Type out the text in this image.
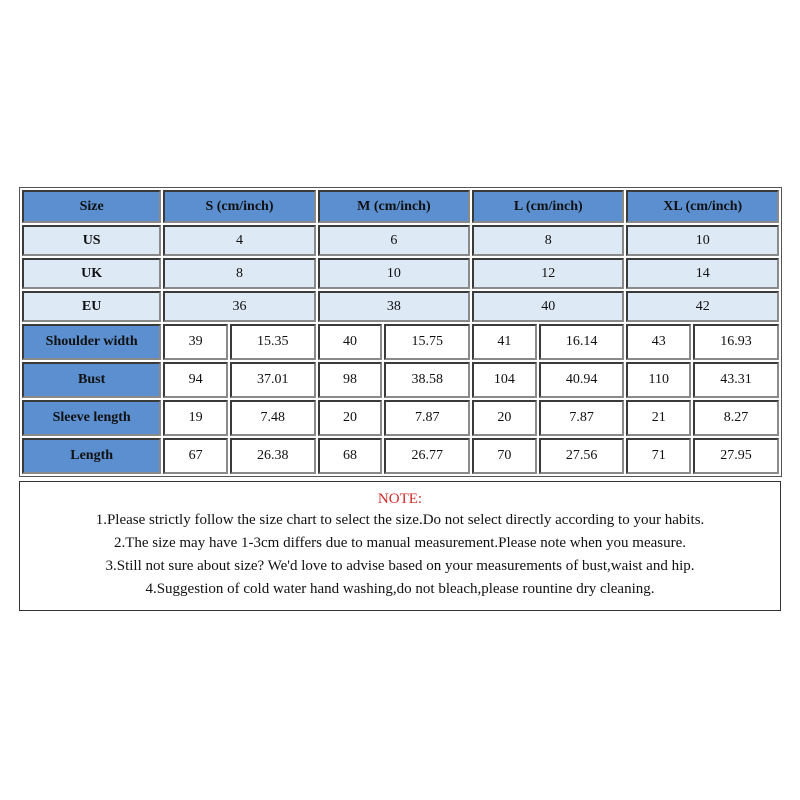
Size	S (cm/inch)		M (cm/inch)		L (cm/inch)		XL (cm/inch)	
US	4		6		8		10	
UK	8		10		12		14	
EU	36		38		40		42	
Shoulder width	39	15.35	40	15.75	41	16.14	43	16.93
Bust	94	37.01	98	38.58	104	40.94	110	43.31
Sleeve length	19	7.48	20	7.87	20	7.87	21	8.27
Length	67	26.38	68	26.77	70	27.56	71	27.95
NOTE:
1.Please strictly follow the size chart to select the size.Do not select directly according to your habits.
2.The size may have 1-3cm differs due to manual measurement.Please note when you measure.
3.Still not sure about size? We'd love to advise based on your measurements of bust,waist and hip.
4.Suggestion of cold water hand washing,do not bleach,please rountine dry cleaning.
